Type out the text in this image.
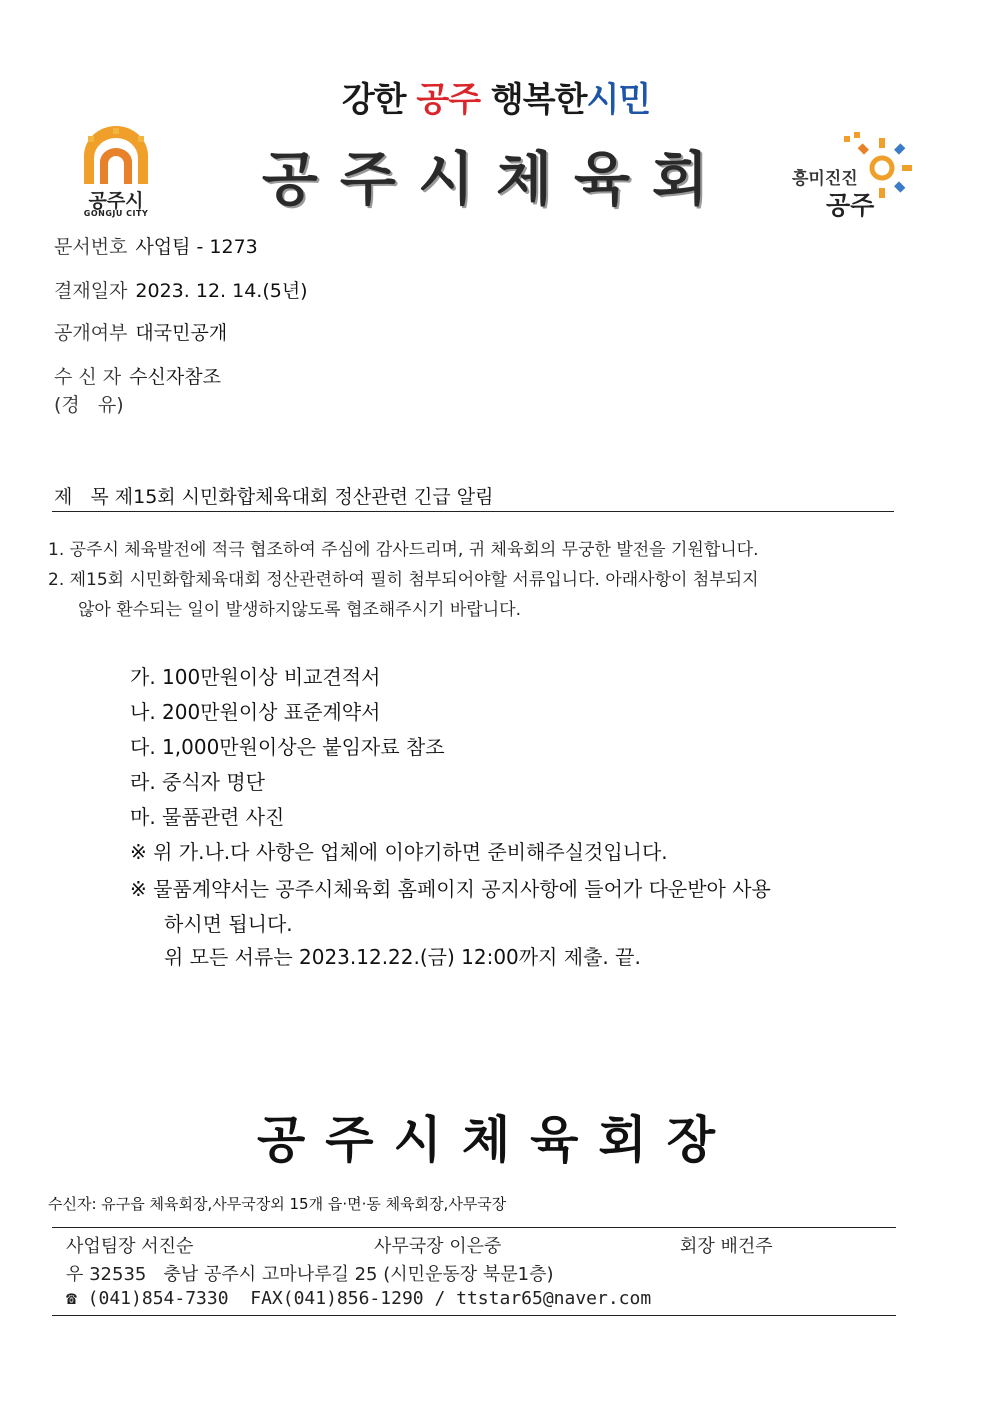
강한 공주 행복한시민
공주시
GONGJU CITY
공주시체육회	흥미진진
공주
문서번호 사업팀 - 1273
결재일자 2023. 12. 14.(5년)
공개여부 대국민공개
수 신 자 수신자참조
(경   유)
제 목제15회 시민화합체육대회 정산관련 긴급 알림
1. 공주시 체육발전에 적극 협조하여 주심에 감사드리며, 귀 체육회의 무궁한 발전을 기원합니다.
2. 제15회 시민화합체육대회 정산관련하여 필히 첨부되어야할 서류입니다. 아래사항이 첨부되지
않아 환수되는 일이 발생하지않도록 협조해주시기 바랍니다.
가. 100만원이상 비교견적서
나. 200만원이상 표준계약서
다. 1,000만원이상은 붙임자료 참조
라. 중식자 명단
마. 물품관련 사진
※ 위 가.나.다 사항은 업체에 이야기하면 준비해주실것입니다.
※ 물품계약서는 공주시체육회 홈페이지 공지사항에 들어가 다운받아 사용
하시면 됩니다.
위 모든 서류는 2023.12.22.(금) 12:00까지 제출. 끝.
공주시체육회장
수신자: 유구읍 체육회장,사무국장외 15개 읍·면·동 체육회장,사무국장
사업팀장 서진순	사무국장 이은중	회장 배건주
우 32535   충남 공주시 고마나루길 25 (시민운동장 북문1층)
☎ (041)854-7330  FAX(041)856-1290 / ttstar65@naver.com
